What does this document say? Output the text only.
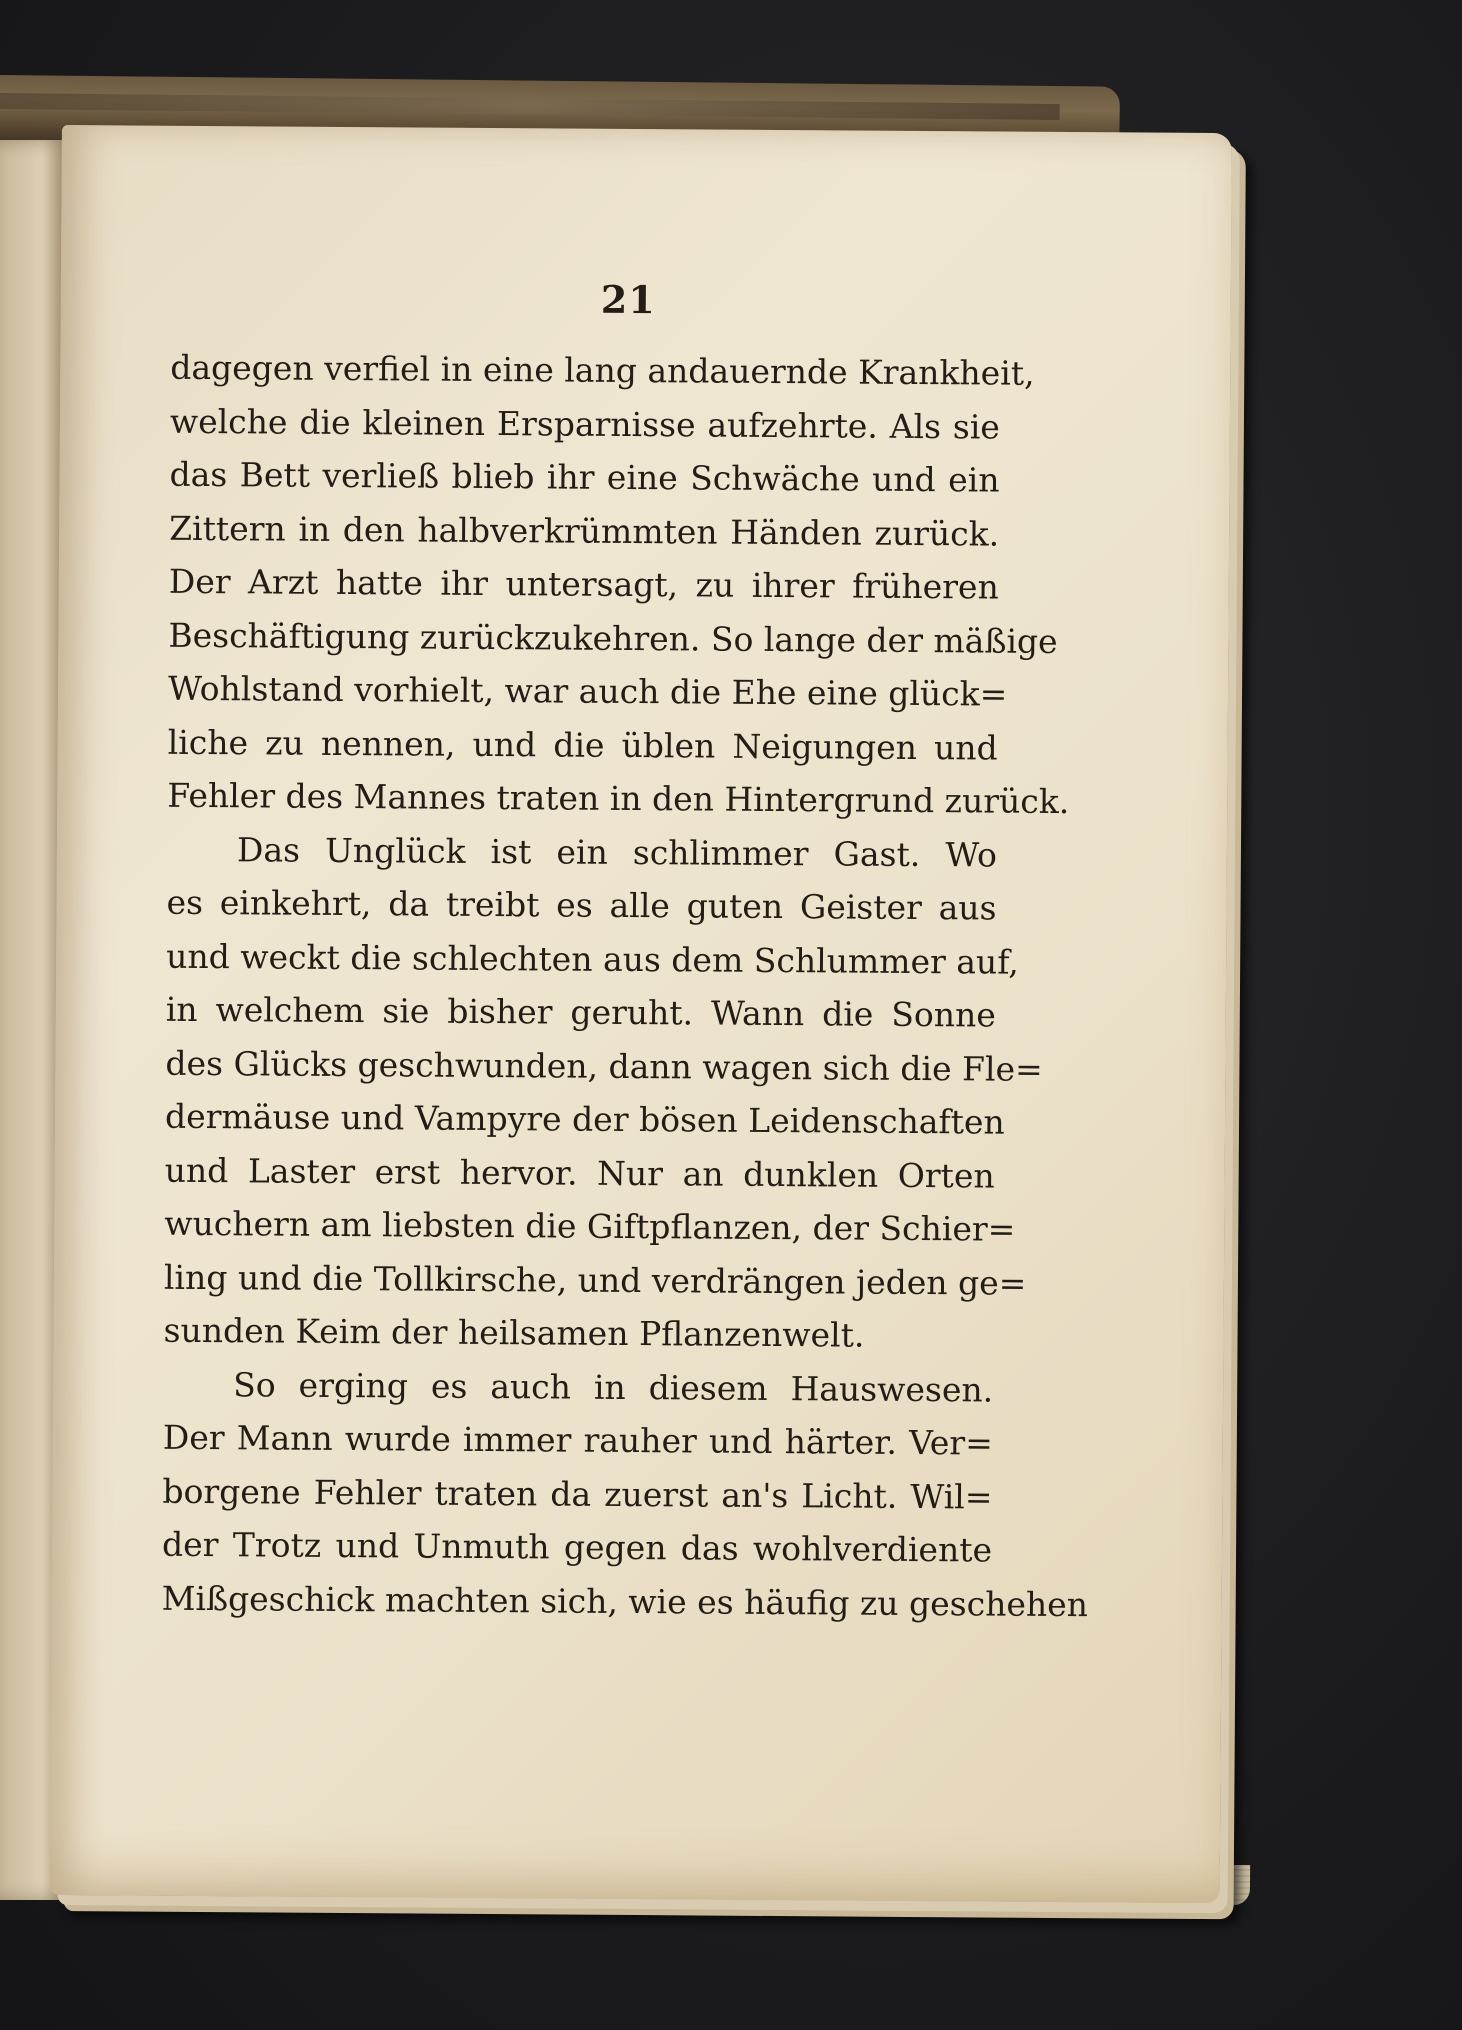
21
dagegen verfiel in eine lang andauernde Krankheit,
welche die kleinen Ersparnisse aufzehrte. Als sie
das Bett verließ blieb ihr eine Schwäche und ein
Zittern in den halbverkrümmten Händen zurück.
Der Arzt hatte ihr untersagt, zu ihrer früheren
Beschäftigung zurückzukehren. So lange der mäßige
Wohlstand vorhielt, war auch die Ehe eine glück=
liche zu nennen, und die üblen Neigungen und
Fehler des Mannes traten in den Hintergrund zurück.
Das Unglück ist ein schlimmer Gast. Wo
es einkehrt, da treibt es alle guten Geister aus
und weckt die schlechten aus dem Schlummer auf,
in welchem sie bisher geruht. Wann die Sonne
des Glücks geschwunden, dann wagen sich die Fle=
dermäuse und Vampyre der bösen Leidenschaften
und Laster erst hervor. Nur an dunklen Orten
wuchern am liebsten die Giftpflanzen, der Schier=
ling und die Tollkirsche, und verdrängen jeden ge=
sunden Keim der heilsamen Pflanzenwelt.
So erging es auch in diesem Hauswesen.
Der Mann wurde immer rauher und härter. Ver=
borgene Fehler traten da zuerst an's Licht. Wil=
der Trotz und Unmuth gegen das wohlverdiente
Mißgeschick machten sich, wie es häufig zu geschehen
